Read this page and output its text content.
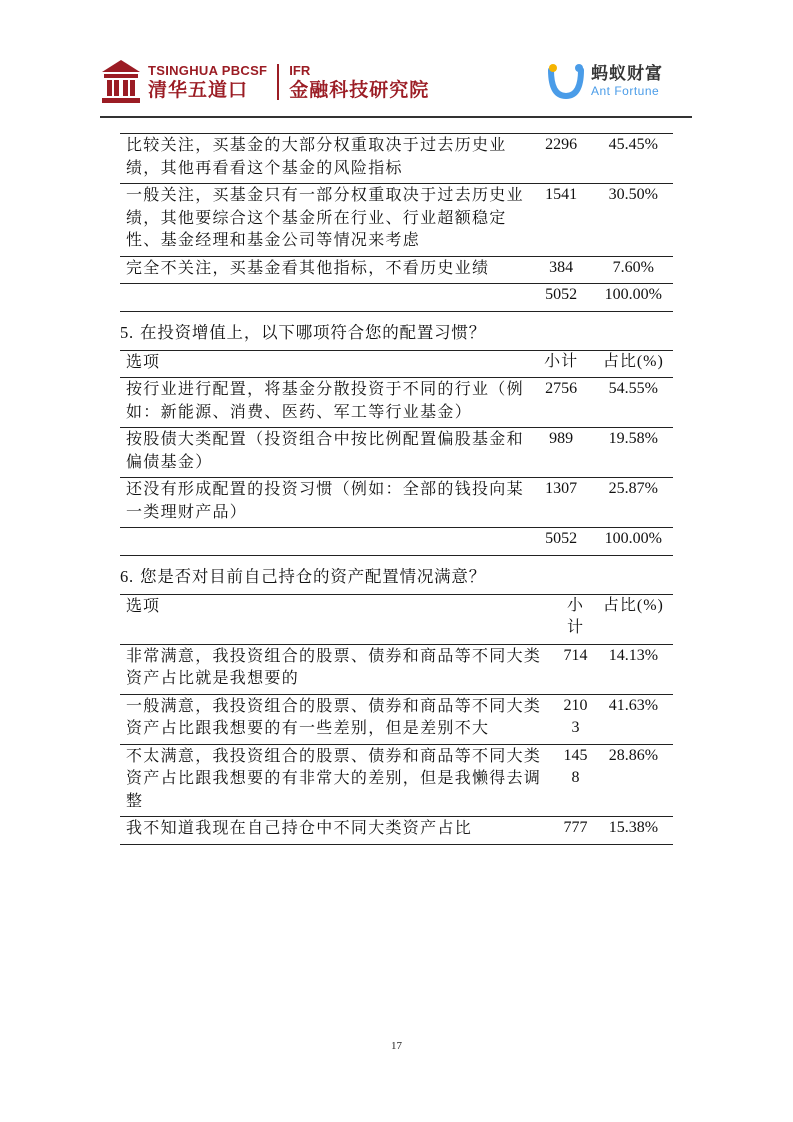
TSINGHUA PBCSF
清华五道口
IFR
金融科技研究院
蚂蚁财富
Ant Fortune
比较关注，买基金的大部分权重取决于过去历史业绩，其他再看看这个基金的风险指标	2296	45.45%
一般关注，买基金只有一部分权重取决于过去历史业绩，其他要综合这个基金所在行业、行业超额稳定性、基金经理和基金公司等情况来考虑	1541	30.50%
完全不关注，买基金看其他指标，不看历史业绩	384	7.60%
	5052	100.00%
5. 在投资增值上，以下哪项符合您的配置习惯？
选项	小计	占比(%)
按行业进行配置，将基金分散投资于不同的行业（例如：新能源、消费、医药、军工等行业基金）	2756	54.55%
按股债大类配置（投资组合中按比例配置偏股基金和偏债基金）	989	19.58%
还没有形成配置的投资习惯（例如：全部的钱投向某一类理财产品）	1307	25.87%
	5052	100.00%
6. 您是否对目前自己持仓的资产配置情况满意？
选项	小计	占比(%)
非常满意，我投资组合的股票、债券和商品等不同大类资产占比就是我想要的	714	14.13%
一般满意，我投资组合的股票、债券和商品等不同大类资产占比跟我想要的有一些差别，但是差别不大	2103	41.63%
不太满意，我投资组合的股票、债券和商品等不同大类资产占比跟我想要的有非常大的差别，但是我懒得去调整	1458	28.86%
我不知道我现在自己持仓中不同大类资产占比	777	15.38%
17
